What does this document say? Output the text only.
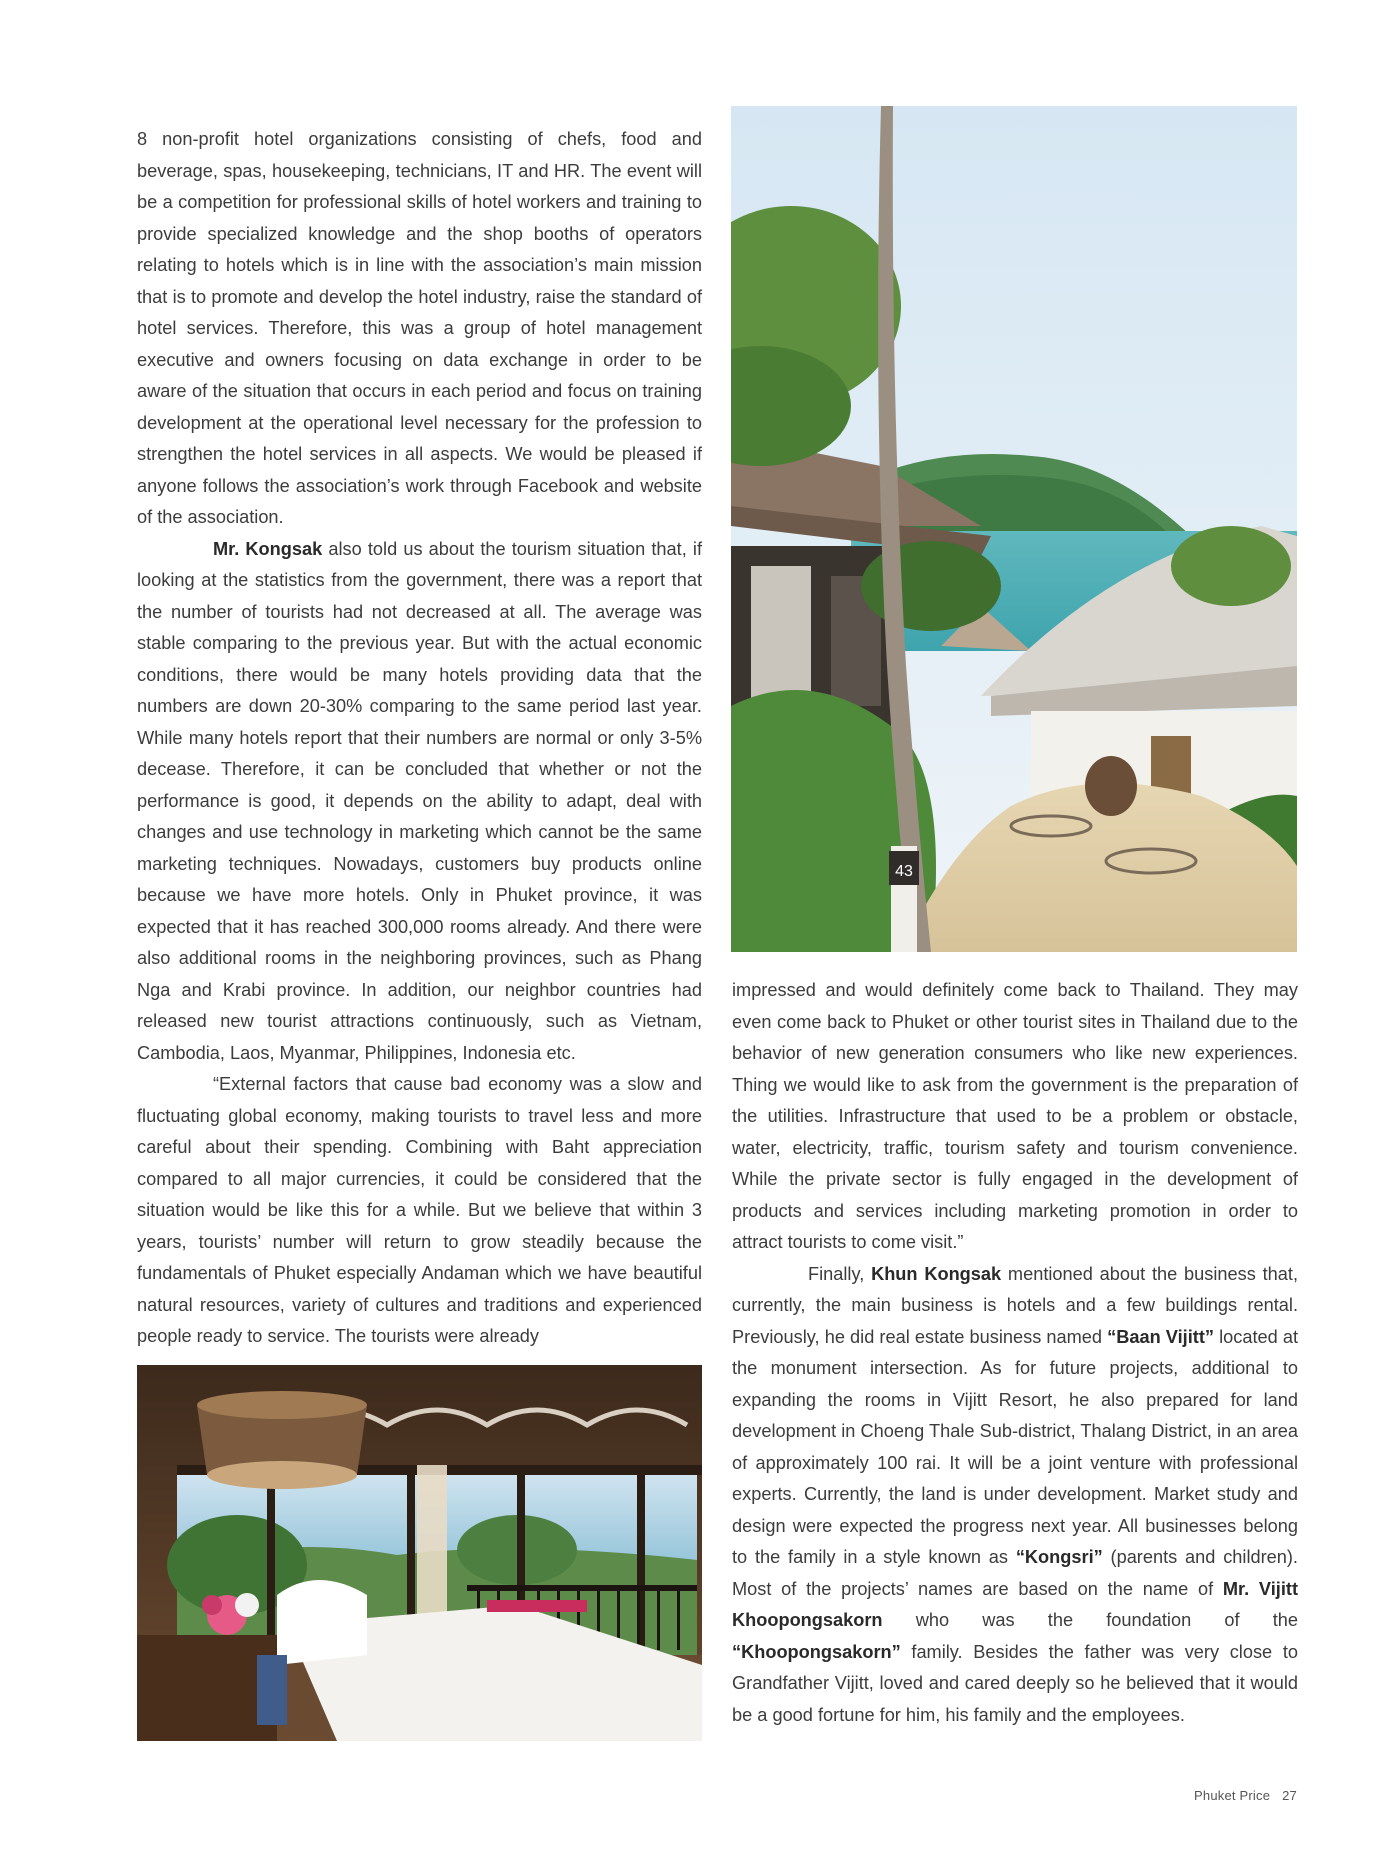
8 non-profit hotel organizations consisting of chefs, food and beverage, spas, housekeeping, technicians, IT and HR. The event will be a competition for professional skills of hotel workers and training to provide specialized knowledge and the shop booths of operators relating to hotels which is in line with the association’s main mission that is to promote and develop the hotel industry, raise the standard of hotel services. Therefore, this was a group of hotel management executive and owners focusing on data exchange in order to be aware of the situation that occurs in each period and focus on training development at the operational level necessary for the profession to strengthen the hotel services in all aspects. We would be pleased if anyone follows the association’s work through Facebook and website of the association.

Mr. Kongsak also told us about the tourism situation that, if looking at the statistics from the government, there was a report that the number of tourists had not decreased at all. The average was stable comparing to the previous year. But with the actual economic conditions, there would be many hotels providing data that the numbers are down 20-30% comparing to the same period last year. While many hotels report that their numbers are normal or only 3-5% decease. Therefore, it can be concluded that whether or not the performance is good, it depends on the ability to adapt, deal with changes and use technology in marketing which cannot be the same marketing techniques. Nowadays, customers buy products online because we have more hotels. Only in Phuket province, it was expected that it has reached 300,000 rooms already. And there were also additional rooms in the neighboring provinces, such as Phang Nga and Krabi province. In addition, our neighbor countries had released new tourist attractions continuously, such as Vietnam, Cambodia, Laos, Myanmar, Philippines, Indonesia etc.

“External factors that cause bad economy was a slow and fluctuating global economy, making tourists to travel less and more careful about their spending. Combining with Baht appreciation compared to all major currencies, it could be considered that the situation would be like this for a while. But we believe that within 3 years, tourists’ number will return to grow steadily because the fundamentals of Phuket especially Andaman which we have beautiful natural resources, variety of cultures and traditions and experienced people ready to service. The tourists were already

43

impressed and would definitely come back to Thailand. They may even come back to Phuket or other tourist sites in Thailand due to the behavior of new generation consumers who like new experiences. Thing we would like to ask from the government is the preparation of the utilities. Infrastructure that used to be a problem or obstacle, water, electricity, traffic, tourism safety and tourism convenience. While the private sector is fully engaged in the development of products and services including marketing promotion in order to attract tourists to come visit.”

Finally, Khun Kongsak mentioned about the business that, currently, the main business is hotels and a few buildings rental. Previously, he did real estate business named “Baan Vijitt” located at the monument intersection. As for future projects, additional to expanding the rooms in Vijitt Resort, he also prepared for land development in Choeng Thale Sub-district, Thalang District, in an area of approximately 100 rai. It will be a joint venture with professional experts. Currently, the land is under development. Market study and design were expected the progress next year. All businesses belong to the family in a style known as “Kongsri” (parents and children). Most of the projects’ names are based on the name of Mr. Vijitt Khoopongsakorn who was the foundation of the “Khoopongsakorn” family. Besides the father was very close to Grandfather Vijitt, loved and cared deeply so he believed that it would be a good fortune for him, his family and the employees.

Phuket Price 27
